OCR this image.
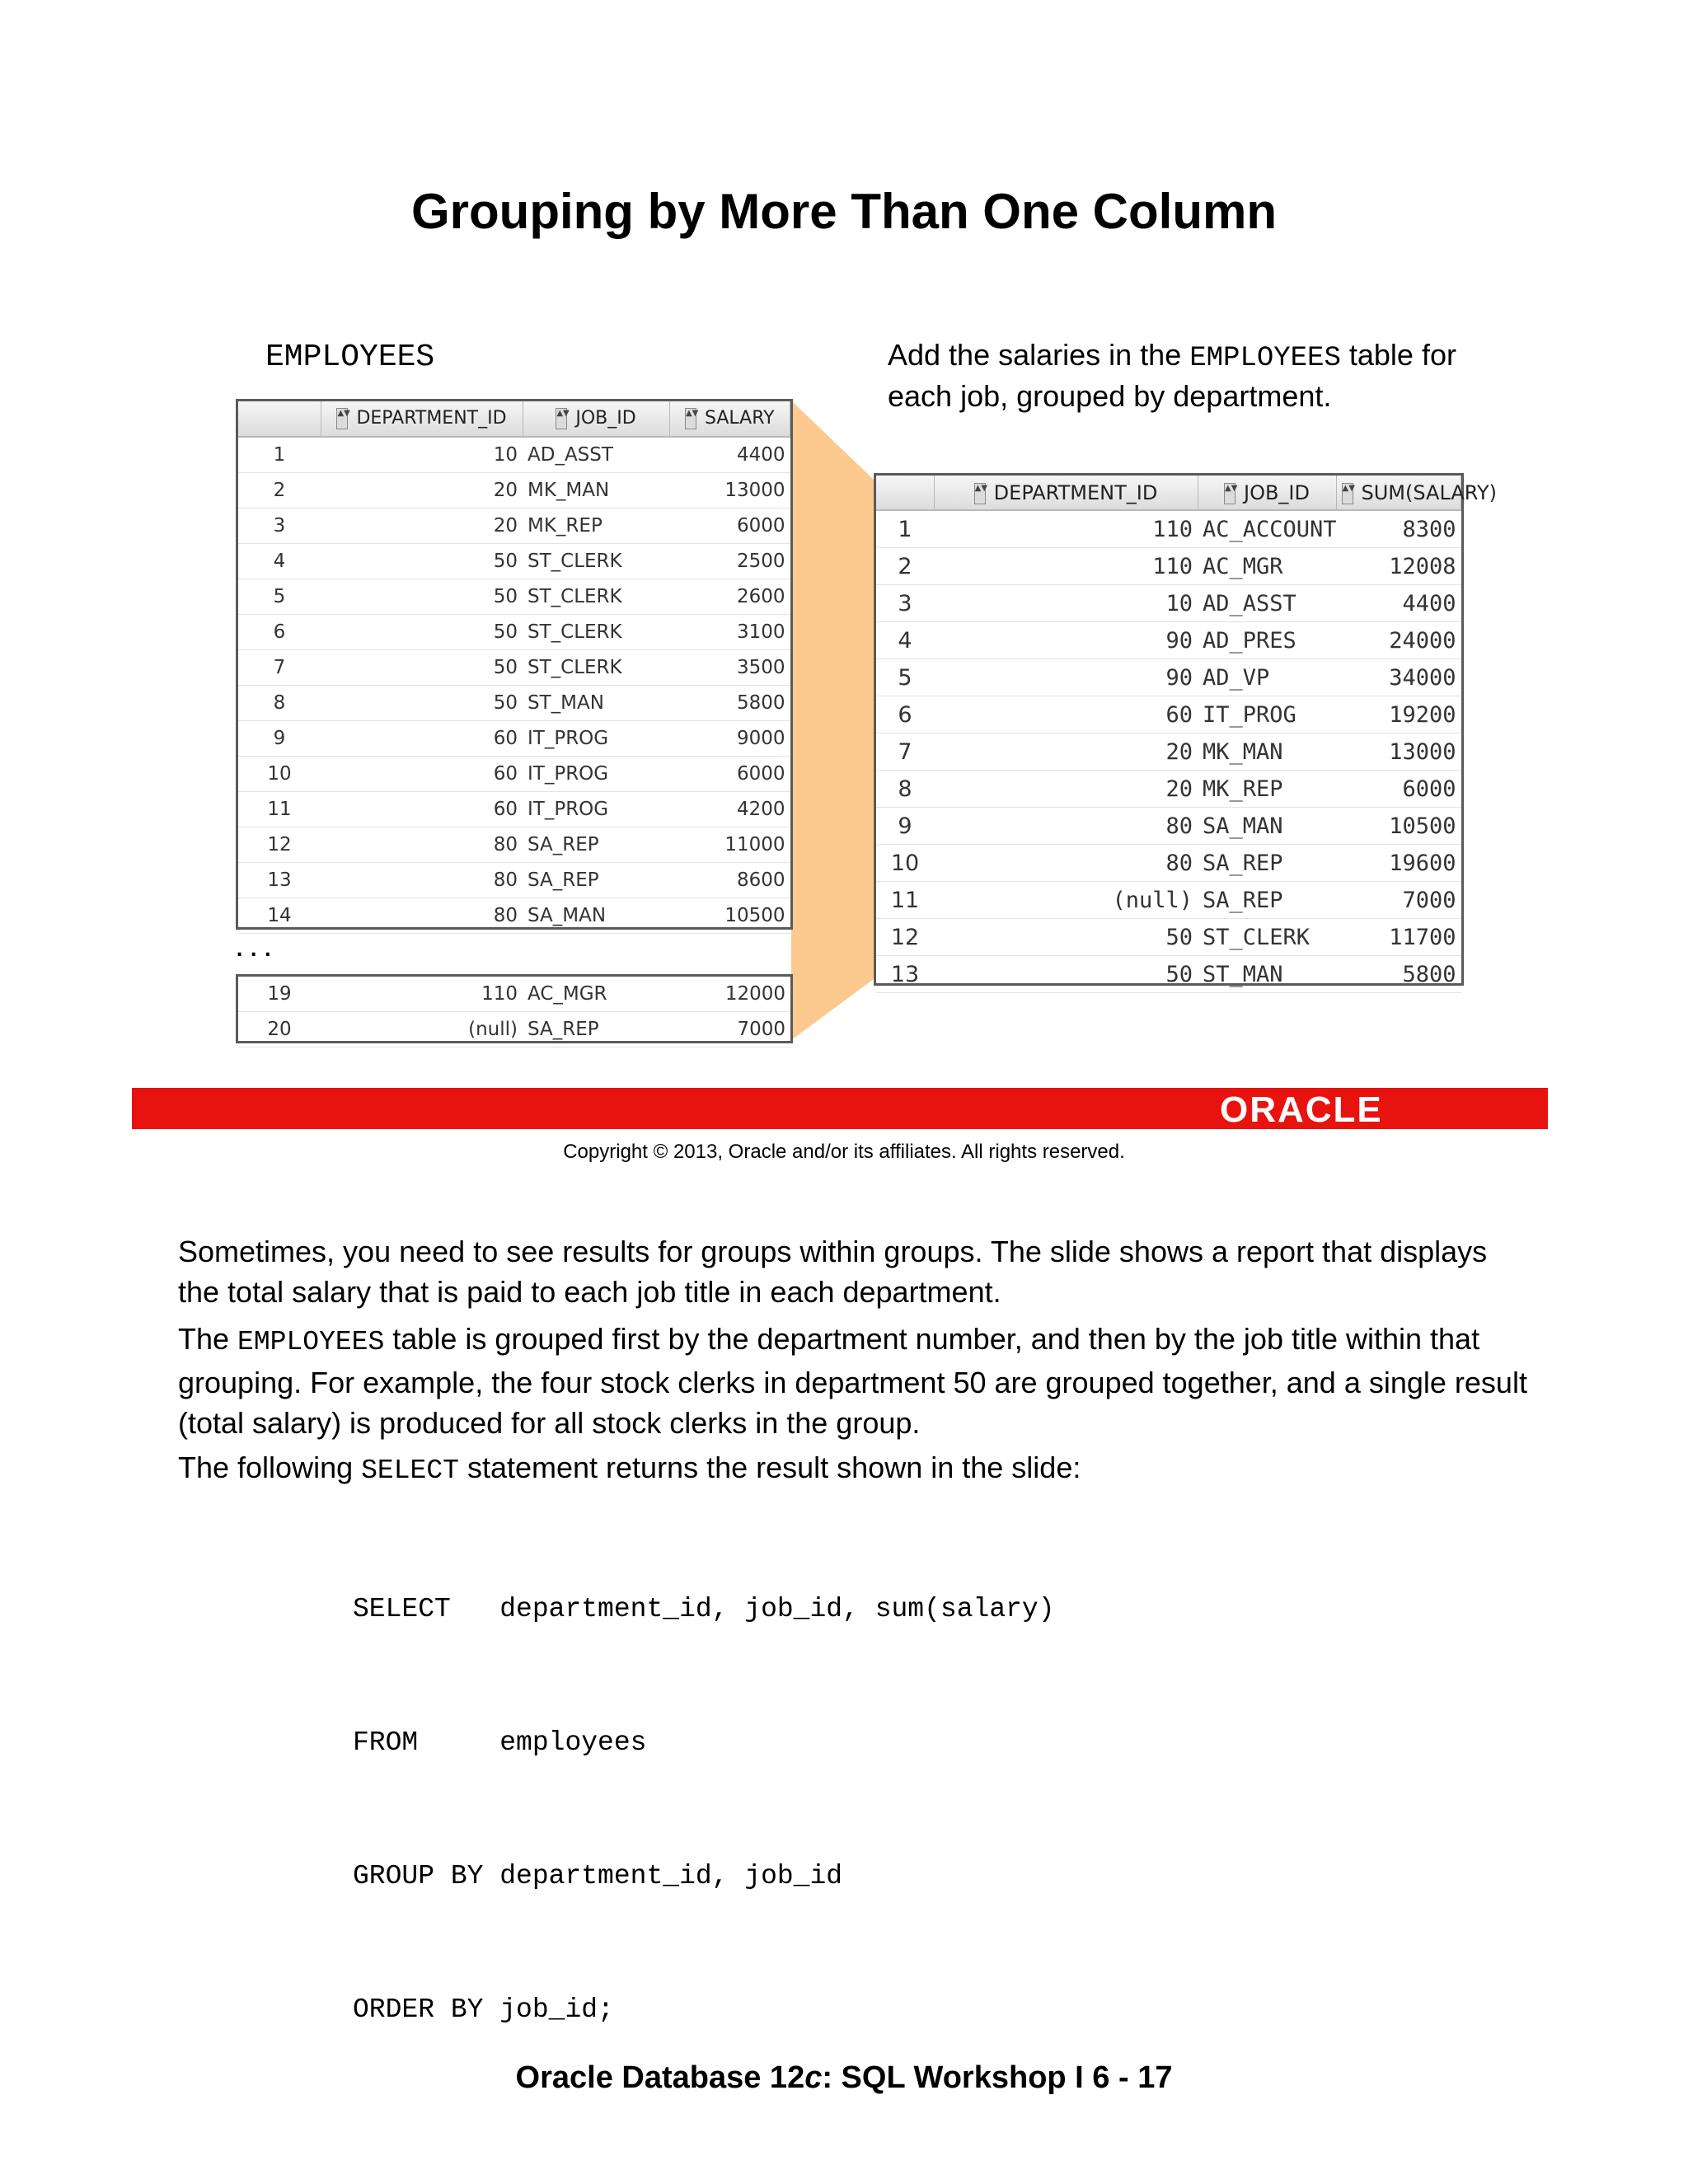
Grouping by More Than One Column
EMPLOYEES	Add the salaries in the EMPLOYEES table for each job, grouped by department.
	▲▼ DEPARTMENT_ID	▲▼ JOB_ID	▲▼ SALARY
1	10	AD_ASST	4400
2	20	MK_MAN	13000
3	20	MK_REP	6000
4	50	ST_CLERK	2500
5	50	ST_CLERK	2600
6	50	ST_CLERK	3100
7	50	ST_CLERK	3500
8	50	ST_MAN	5800
9	60	IT_PROG	9000
10	60	IT_PROG	6000
11	60	IT_PROG	4200
12	80	SA_REP	11000
13	80	SA_REP	8600
14	80	SA_MAN	10500
...
19	110	AC_MGR	12000
20	(null)	SA_REP	7000
	▲▼ DEPARTMENT_ID	▲▼ JOB_ID	▲▼ SUM(SALARY)
1	110	AC_ACCOUNT	8300
2	110	AC_MGR	12008
3	10	AD_ASST	4400
4	90	AD_PRES	24000
5	90	AD_VP	34000
6	60	IT_PROG	19200
7	20	MK_MAN	13000
8	20	MK_REP	6000
9	80	SA_MAN	10500
10	80	SA_REP	19600
11	(null)	SA_REP	7000
12	50	ST_CLERK	11700
13	50	ST_MAN	5800
ORACLE
Copyright © 2013, Oracle and/or its affiliates. All rights reserved.
Sometimes, you need to see results for groups within groups. The slide shows a report that displays the total salary that is paid to each job title in each department.
The EMPLOYEES table is grouped first by the department number, and then by the job title within that grouping. For example, the four stock clerks in department 50 are grouped together, and a single result (total salary) is produced for all stock clerks in the group.
The following SELECT statement returns the result shown in the slide:

SELECT   department_id, job_id, sum(salary)

FROM     employees

GROUP BY department_id, job_id

ORDER BY job_id;

Oracle Database 12c: SQL Workshop I 6 - 17
